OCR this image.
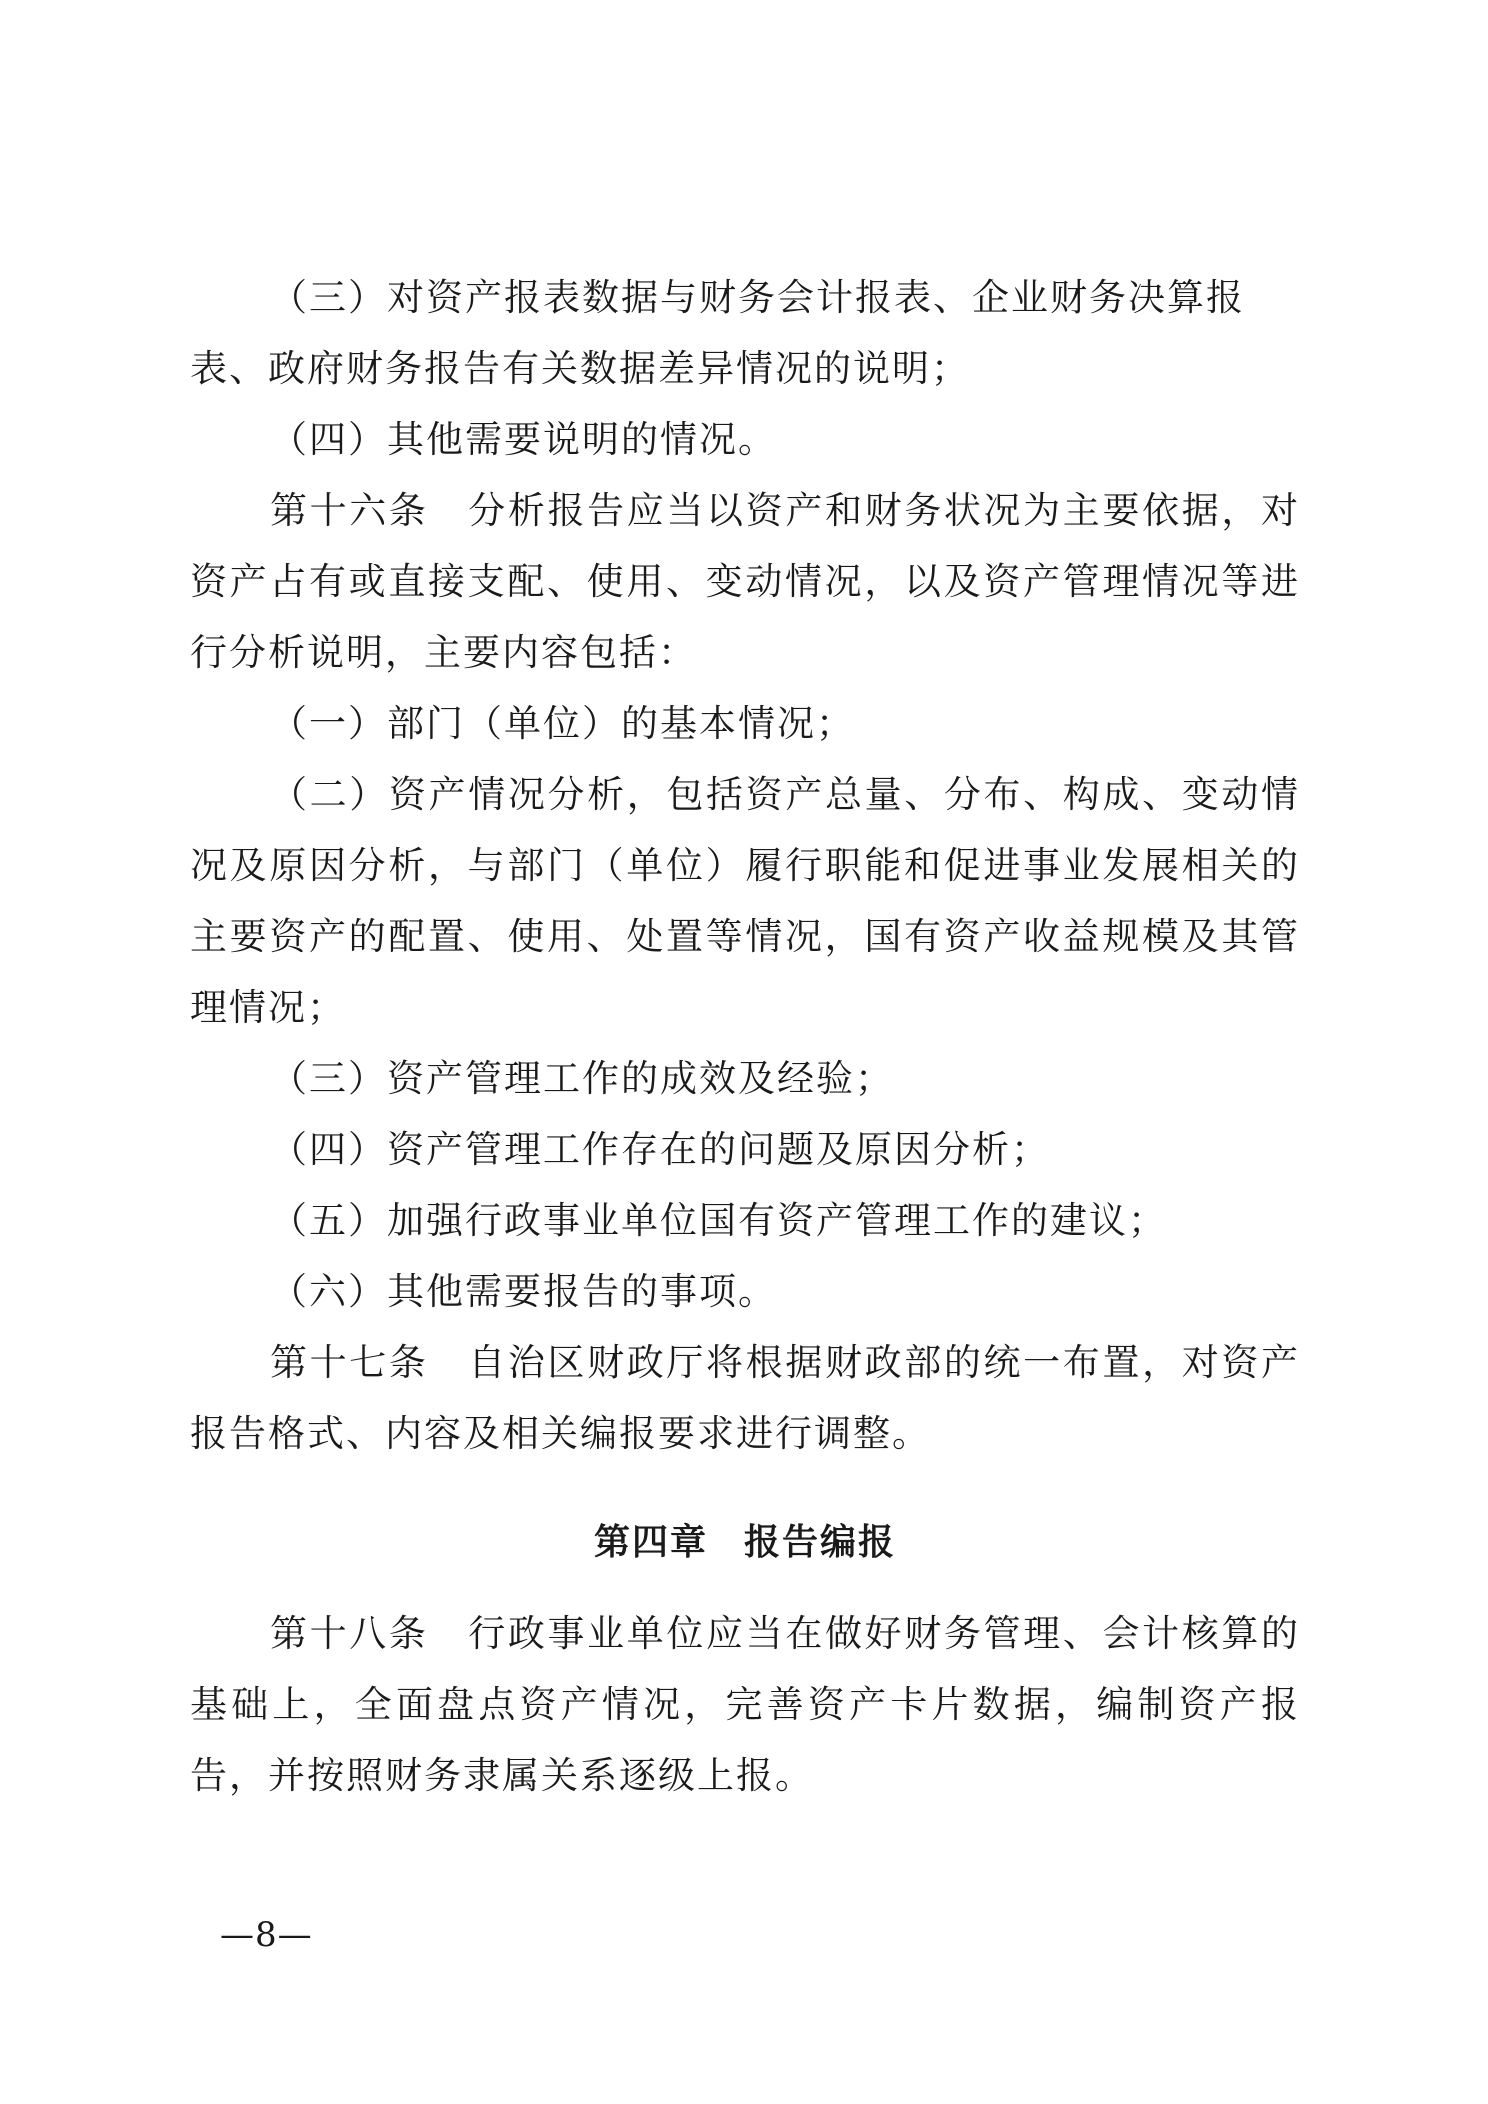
（三）对资产报表数据与财务会计报表、企业财务决算报表、政府财务报告有关数据差异情况的说明；

（四）其他需要说明的情况。

第十六条　分析报告应当以资产和财务状况为主要依据，对资产占有或直接支配、使用、变动情况，以及资产管理情况等进行分析说明，主要内容包括：

（一）部门（单位）的基本情况；

（二）资产情况分析，包括资产总量、分布、构成、变动情况及原因分析，与部门（单位）履行职能和促进事业发展相关的主要资产的配置、使用、处置等情况，国有资产收益规模及其管理情况；

（三）资产管理工作的成效及经验；

（四）资产管理工作存在的问题及原因分析；

（五）加强行政事业单位国有资产管理工作的建议；

（六）其他需要报告的事项。

第十七条　自治区财政厅将根据财政部的统一布置，对资产报告格式、内容及相关编报要求进行调整。

第四章 报告编报

第十八条　行政事业单位应当在做好财务管理、会计核算的基础上，全面盘点资产情况，完善资产卡片数据，编制资产报告，并按照财务隶属关系逐级上报。

—8—
